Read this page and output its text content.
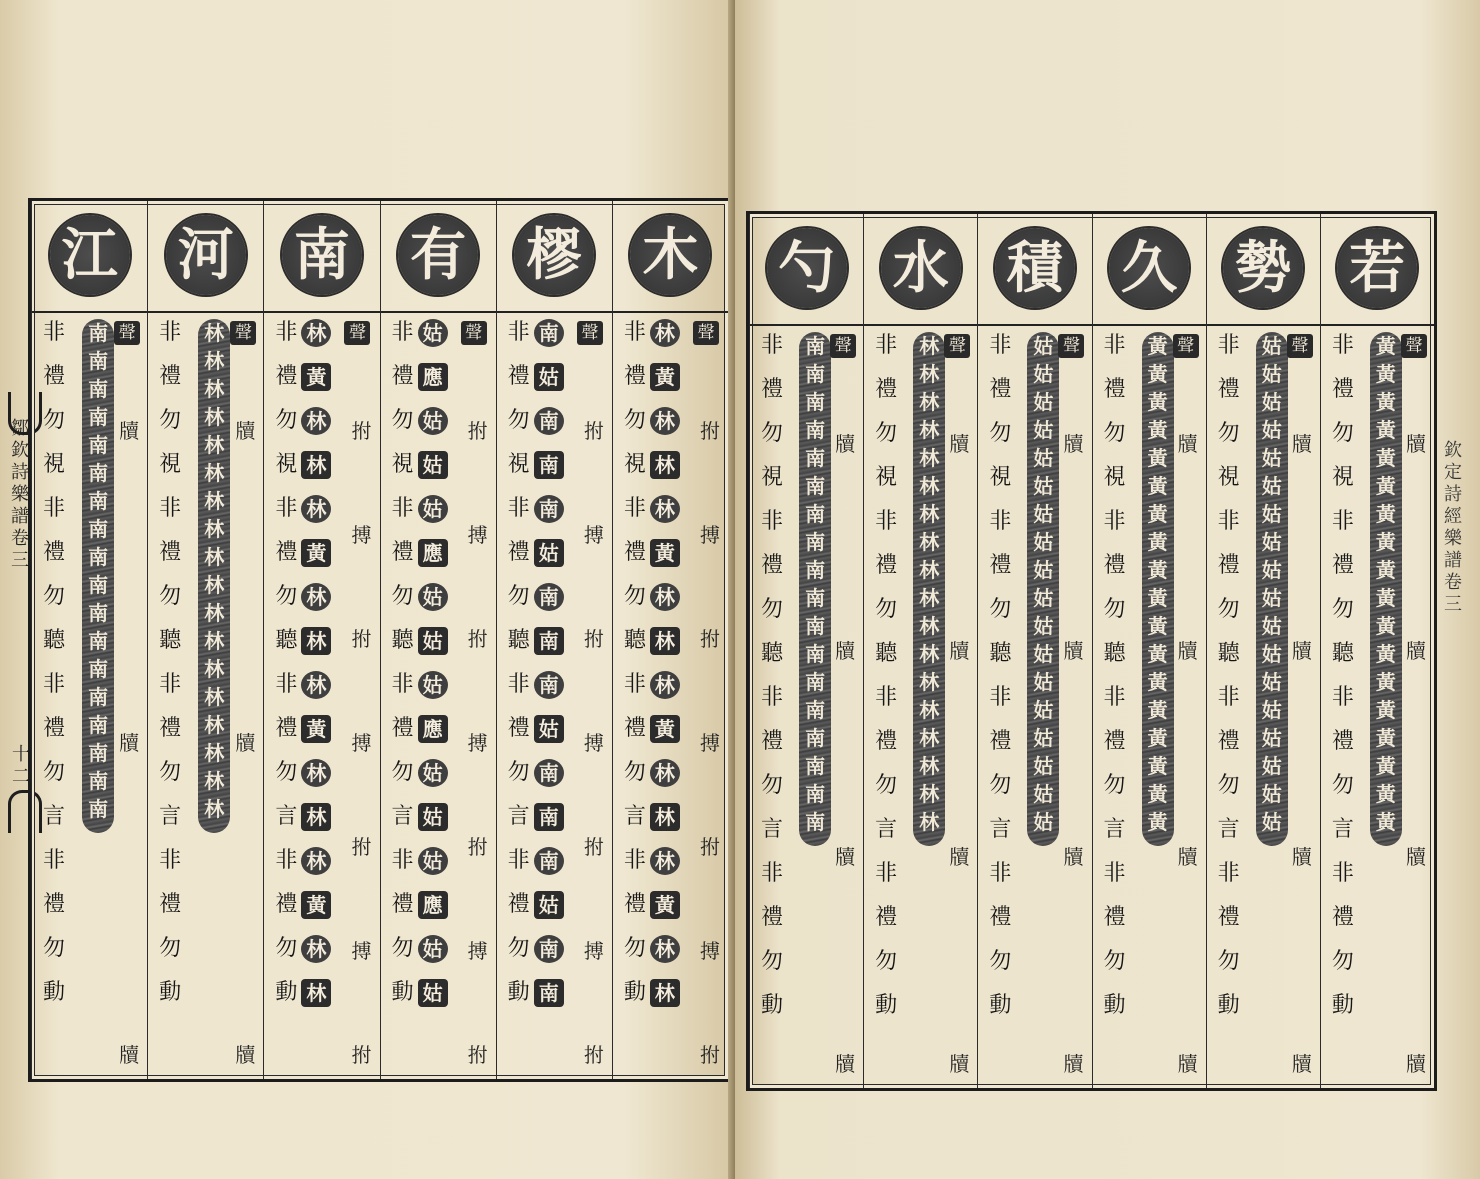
鄒
欽
詩
樂
譜
卷
三
十
二
江
非
禮
勿
視
非
禮
勿
聽
非
禮
勿
言
非
禮
勿
動
南
南
南
南
南
南
南
南
南
南
南
南
南
南
南
南
南
南
聲
牘
牘
牘
河
非
禮
勿
視
非
禮
勿
聽
非
禮
勿
言
非
禮
勿
動
林
林
林
林
林
林
林
林
林
林
林
林
林
林
林
林
林
林
聲
牘
牘
牘
南
非
禮
勿
視
非
禮
勿
聽
非
禮
勿
言
非
禮
勿
動
林
黃
林
林
林
黃
林
林
林
黃
林
林
林
黃
林
林
聲
拊
搏
拊
搏
拊
搏
拊
有
非
禮
勿
視
非
禮
勿
聽
非
禮
勿
言
非
禮
勿
動
姑
應
姑
姑
姑
應
姑
姑
姑
應
姑
姑
姑
應
姑
姑
聲
拊
搏
拊
搏
拊
搏
拊
樛
非
禮
勿
視
非
禮
勿
聽
非
禮
勿
言
非
禮
勿
動
南
姑
南
南
南
姑
南
南
南
姑
南
南
南
姑
南
南
聲
拊
搏
拊
搏
拊
搏
拊
木
非
禮
勿
視
非
禮
勿
聽
非
禮
勿
言
非
禮
勿
動
林
黃
林
林
林
黃
林
林
林
黃
林
林
林
黃
林
林
聲
拊
搏
拊
搏
拊
搏
拊
勺
非
禮
勿
視
非
禮
勿
聽
非
禮
勿
言
非
禮
勿
動
南
南
南
南
南
南
南
南
南
南
南
南
南
南
南
南
南
南
聲
牘
牘
牘
牘
水
非
禮
勿
視
非
禮
勿
聽
非
禮
勿
言
非
禮
勿
動
林
林
林
林
林
林
林
林
林
林
林
林
林
林
林
林
林
林
聲
牘
牘
牘
牘
積
非
禮
勿
視
非
禮
勿
聽
非
禮
勿
言
非
禮
勿
動
姑
姑
姑
姑
姑
姑
姑
姑
姑
姑
姑
姑
姑
姑
姑
姑
姑
姑
聲
牘
牘
牘
牘
久
非
禮
勿
視
非
禮
勿
聽
非
禮
勿
言
非
禮
勿
動
黃
黃
黃
黃
黃
黃
黃
黃
黃
黃
黃
黃
黃
黃
黃
黃
黃
黃
聲
牘
牘
牘
牘
勢
非
禮
勿
視
非
禮
勿
聽
非
禮
勿
言
非
禮
勿
動
姑
姑
姑
姑
姑
姑
姑
姑
姑
姑
姑
姑
姑
姑
姑
姑
姑
姑
聲
牘
牘
牘
牘
若
非
禮
勿
視
非
禮
勿
聽
非
禮
勿
言
非
禮
勿
動
黃
黃
黃
黃
黃
黃
黃
黃
黃
黃
黃
黃
黃
黃
黃
黃
黃
黃
聲
牘
牘
牘
牘
欽
定
詩
經
樂
譜
卷
三
